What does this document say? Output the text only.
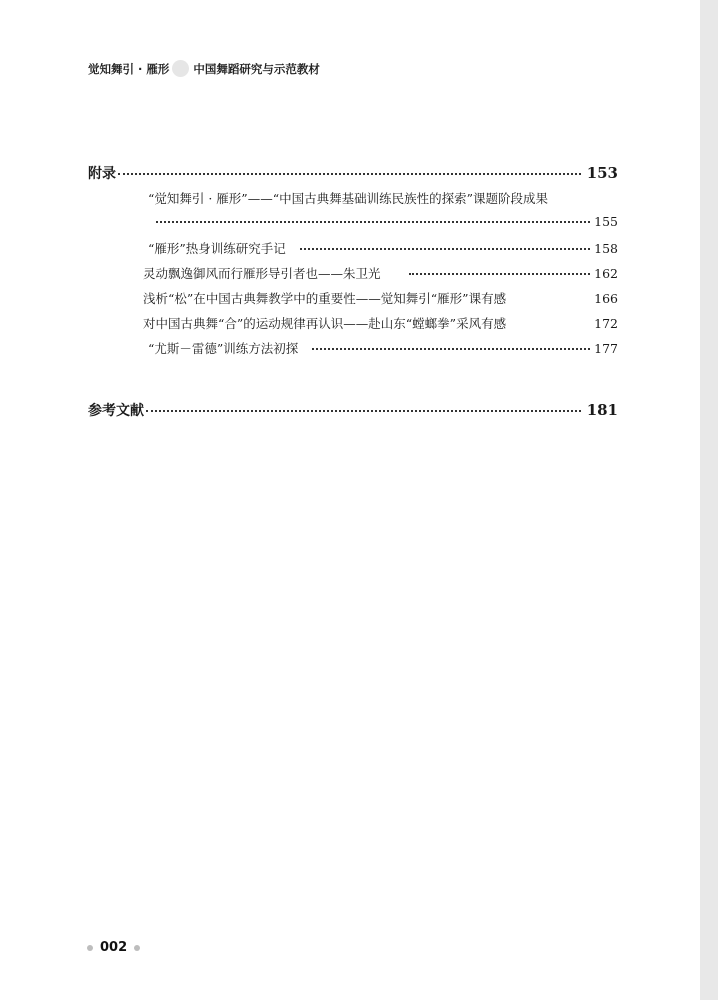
觉知舞引 · 雁形 中国舞蹈研究与示范教材
附录	153
“觉知舞引 · 雁形”——“中国古典舞基础训练民族性的探索”课题阶段成果
155
“雁形”热身训练研究手记	158
灵动飘逸御风而行雁形导引者也——朱卫光	162
浅析“松”在中国古典舞教学中的重要性——觉知舞引“雁形”课有感	166
对中国古典舞“合”的运动规律再认识——赴山东“螳螂拳”采风有感	172
“尤斯－雷德”训练方法初探	177
参考文献	181
002
